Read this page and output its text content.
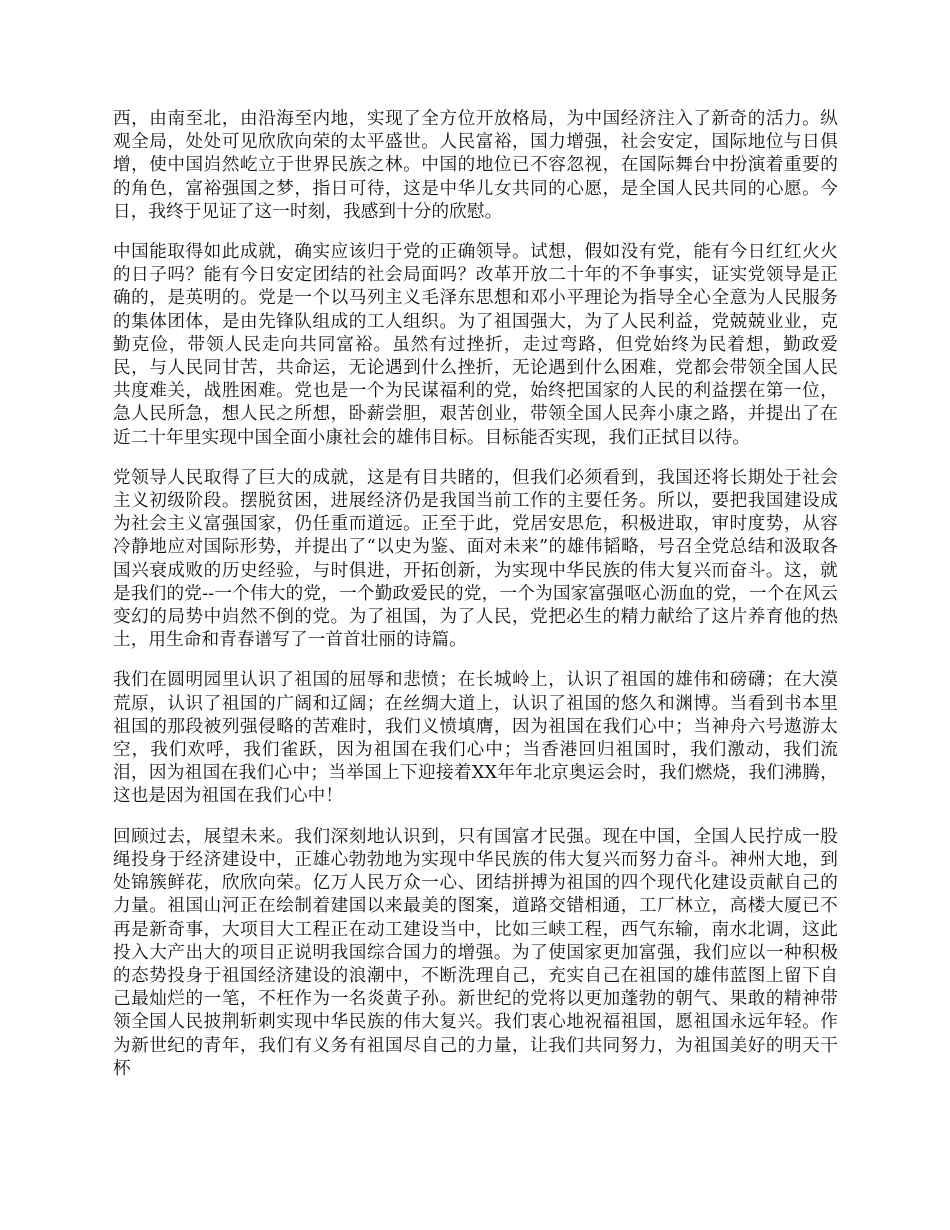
西，由南至北，由沿海至内地，实现了全方位开放格局，为中国经济注入了新奇的活力。纵观全局，处处可见欣欣向荣的太平盛世。人民富裕，国力增强，社会安定，国际地位与日俱增，使中国岿然屹立于世界民族之林。中国的地位已不容忽视，在国际舞台中扮演着重要的的角色，富裕强国之梦，指日可待，这是中华儿女共同的心愿，是全国人民共同的心愿。今日，我终于见证了这一时刻，我感到十分的欣慰。

中国能取得如此成就，确实应该归于党的正确领导。试想，假如没有党，能有今日红红火火的日子吗？能有今日安定团结的社会局面吗？改革开放二十年的不争事实，证实党领导是正确的，是英明的。党是一个以马列主义毛泽东思想和邓小平理论为指导全心全意为人民服务的集体团体，是由先锋队组成的工人组织。为了祖国强大，为了人民利益，党兢兢业业，克勤克俭，带领人民走向共同富裕。虽然有过挫折，走过弯路，但党始终为民着想，勤政爱民，与人民同甘苦，共命运，无论遇到什么挫折，无论遇到什么困难，党都会带领全国人民共度难关，战胜困难。党也是一个为民谋福利的党，始终把国家的人民的利益摆在第一位，急人民所急，想人民之所想，卧薪尝胆，艰苦创业，带领全国人民奔小康之路，并提出了在近二十年里实现中国全面小康社会的雄伟目标。目标能否实现，我们正拭目以待。

党领导人民取得了巨大的成就，这是有目共睹的，但我们必须看到，我国还将长期处于社会主义初级阶段。摆脱贫困，进展经济仍是我国当前工作的主要任务。所以，要把我国建设成为社会主义富强国家，仍任重而道远。正至于此，党居安思危，积极进取，审时度势，从容冷静地应对国际形势，并提出了“以史为鉴、面对未来”的雄伟韬略，号召全党总结和汲取各国兴衰成败的历史经验，与时俱进，开拓创新，为实现中华民族的伟大复兴而奋斗。这，就是我们的党--一个伟大的党，一个勤政爱民的党，一个为国家富强呕心沥血的党，一个在风云变幻的局势中岿然不倒的党。为了祖国，为了人民，党把必生的精力献给了这片养育他的热土，用生命和青春谱写了一首首壮丽的诗篇。

我们在圆明园里认识了祖国的屈辱和悲愤；在长城岭上，认识了祖国的雄伟和磅礴；在大漠荒原，认识了祖国的广阔和辽阔；在丝绸大道上，认识了祖国的悠久和渊博。当看到书本里祖国的那段被列强侵略的苦难时，我们义愤填膺，因为祖国在我们心中；当神舟六号遨游太空，我们欢呼，我们雀跃，因为祖国在我们心中；当香港回归祖国时，我们激动，我们流泪，因为祖国在我们心中；当举国上下迎接着XX年年北京奥运会时，我们燃烧，我们沸腾，这也是因为祖国在我们心中！

回顾过去，展望未来。我们深刻地认识到，只有国富才民强。现在中国，全国人民拧成一股绳投身于经济建设中，正雄心勃勃地为实现中华民族的伟大复兴而努力奋斗。神州大地，到处锦簇鲜花，欣欣向荣。亿万人民万众一心、团结拼搏为祖国的四个现代化建设贡献自己的力量。祖国山河正在绘制着建国以来最美的图案，道路交错相通，工厂林立，高楼大厦已不再是新奇事，大项目大工程正在动工建设当中，比如三峡工程，西气东输，南水北调，这此投入大产出大的项目正说明我国综合国力的增强。为了使国家更加富强，我们应以一种积极的态势投身于祖国经济建设的浪潮中，不断洗理自己，充实自己在祖国的雄伟蓝图上留下自己最灿烂的一笔，不枉作为一名炎黄子孙。新世纪的党将以更加蓬勃的朝气、果敢的精神带领全国人民披荆斩刺实现中华民族的伟大复兴。我们衷心地祝福祖国，愿祖国永远年轻。作为新世纪的青年，我们有义务有祖国尽自己的力量，让我们共同努力，为祖国美好的明天干杯
